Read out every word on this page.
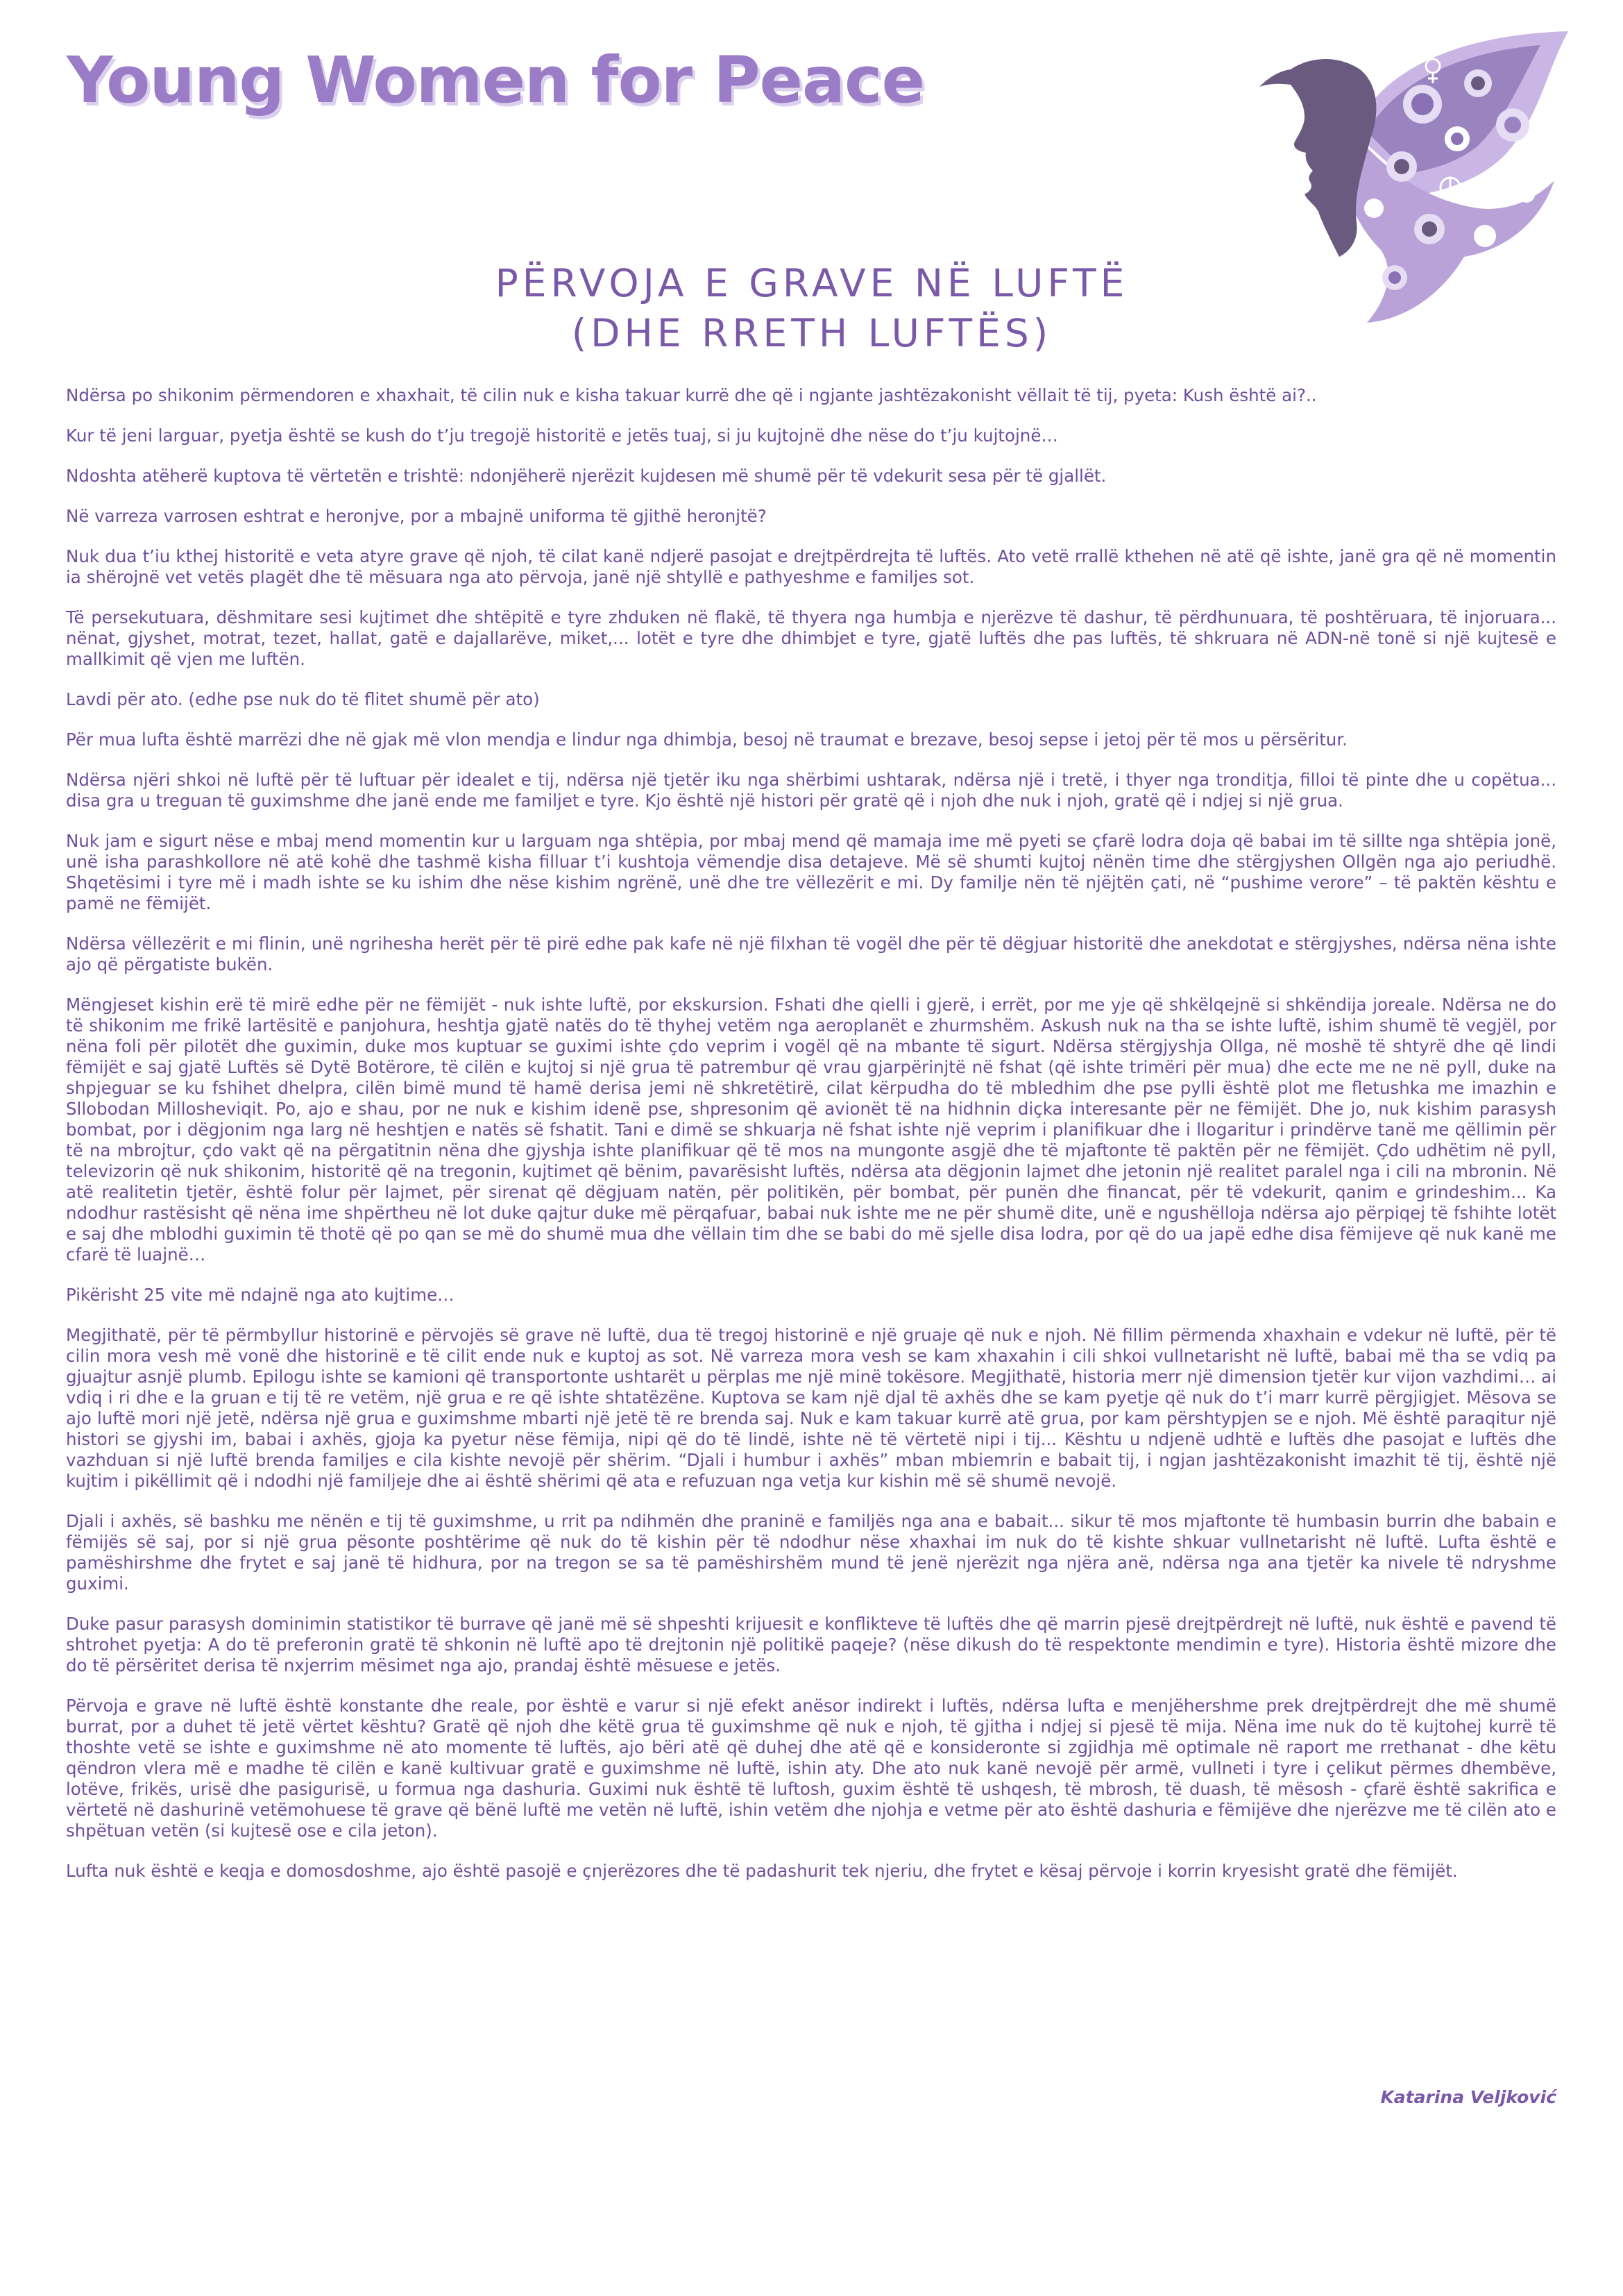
Young Women for Peace
PËRVOJA E GRAVE NË LUFTË
(DHE RRETH LUFTËS)

Ndërsa po shikonim përmendoren e xhaxhait, të cilin nuk e kisha takuar kurrë dhe që i ngjante jashtëzakonisht vëllait të tij, pyeta: Kush është ai?..

Kur të jeni larguar, pyetja është se kush do t’ju tregojë historitë e jetës tuaj, si ju kujtojnë dhe nëse do t’ju kujtojnë…

Ndoshta atëherë kuptova të vërtetën e trishtë: ndonjëherë njerëzit kujdesen më shumë për të vdekurit sesa për të gjallët.

Në varreza varrosen eshtrat e heronjve, por a mbajnë uniforma të gjithë heronjtë?

Nuk dua t’iu kthej historitë e veta atyre grave që njoh, të cilat kanë ndjerë pasojat e drejtpërdrejta të luftës. Ato vetë rrallë kthehen në atë që ishte, janë gra që në momentin ia shërojnë vet vetës plagët dhe të mësuara nga ato përvoja, janë një shtyllë e pathyeshme e familjes sot.

Të persekutuara, dëshmitare sesi kujtimet dhe shtëpitë e tyre zhduken në flakë, të thyera nga humbja e njerëzve të dashur, të përdhunuara, të poshtëruara, të injoruara... nënat, gjyshet, motrat, tezet, hallat, gatë e dajallarëve, miket,... lotët e tyre dhe dhimbjet e tyre, gjatë luftës dhe pas luftës, të shkruara në ADN-në tonë si një kujtesë e mallkimit që vjen me luftën.

Lavdi për ato. (edhe pse nuk do të flitet shumë për ato)

Për mua lufta është marrëzi dhe në gjak më vlon mendja e lindur nga dhimbja, besoj në traumat e brezave, besoj sepse i jetoj për të mos u përsëritur.

Ndërsa njëri shkoi në luftë për të luftuar për idealet e tij, ndërsa një tjetër iku nga shërbimi ushtarak, ndërsa një i tretë, i thyer nga tronditja, filloi të pinte dhe u copëtua... disa gra u treguan të guximshme dhe janë ende me familjet e tyre. Kjo është një histori për gratë që i njoh dhe nuk i njoh, gratë që i ndjej si një grua.

Nuk jam e sigurt nëse e mbaj mend momentin kur u larguam nga shtëpia, por mbaj mend që mamaja ime më pyeti se çfarë lodra doja që babai im të sillte nga shtëpia jonë, unë isha parashkollore në atë kohë dhe tashmë kisha filluar t’i kushtoja vëmendje disa detajeve. Më së shumti kujtoj nënën time dhe stërgjyshen Ollgën nga ajo periudhë. Shqetësimi i tyre më i madh ishte se ku ishim dhe nëse kishim ngrënë, unë dhe tre vëllezërit e mi. Dy familje nën të njëjtën çati, në “pushime verore” – të paktën kështu e pamë ne fëmijët.

Ndërsa vëllezërit e mi flinin, unë ngrihesha herët për të pirë edhe pak kafe në një filxhan të vogël dhe për të dëgjuar historitë dhe anekdotat e stërgjyshes, ndërsa nëna ishte ajo që përgatiste bukën.

Mëngjeset kishin erë të mirë edhe për ne fëmijët - nuk ishte luftë, por ekskursion. Fshati dhe qielli i gjerë, i errët, por me yje që shkëlqejnë si shkëndija joreale. Ndërsa ne do të shikonim me frikë lartësitë e panjohura, heshtja gjatë natës do të thyhej vetëm nga aeroplanët e zhurmshëm. Askush nuk na tha se ishte luftë, ishim shumë të vegjël, por nëna foli për pilotët dhe guximin, duke mos kuptuar se guximi ishte çdo veprim i vogël që na mbante të sigurt. Ndërsa stërgjyshja Ollga, në moshë të shtyrë dhe që lindi fëmijët e saj gjatë Luftës së Dytë Botërore, të cilën e kujtoj si një grua të patrembur që vrau gjarpërinjtë në fshat (që ishte trimëri për mua) dhe ecte me ne në pyll, duke na shpjeguar se ku fshihet dhelpra, cilën bimë mund të hamë derisa jemi në shkretëtirë, cilat kërpudha do të mbledhim dhe pse pylli është plot me fletushka me imazhin e Sllobodan Millosheviqit. Po, ajo e shau, por ne nuk e kishim idenë pse, shpresonim që avionët të na hidhnin diçka interesante për ne fëmijët. Dhe jo, nuk kishim parasysh bombat, por i dëgjonim nga larg në heshtjen e natës së fshatit. Tani e dimë se shkuarja në fshat ishte një veprim i planifikuar dhe i llogaritur i prindërve tanë me qëllimin për të na mbrojtur, çdo vakt që na përgatitnin nëna dhe gjyshja ishte planifikuar që të mos na mungonte asgjë dhe të mjaftonte të paktën për ne fëmijët. Çdo udhëtim në pyll, televizorin që nuk shikonim, historitë që na tregonin, kujtimet që bënim, pavarësisht luftës, ndërsa ata dëgjonin lajmet dhe jetonin një realitet paralel nga i cili na mbronin. Në atë realitetin tjetër, është folur për lajmet, për sirenat që dëgjuam natën, për politikën, për bombat, për punën dhe financat, për të vdekurit, qanim e grindeshim... Ka ndodhur rastësisht që nëna ime shpërtheu në lot duke qajtur duke më përqafuar, babai nuk ishte me ne për shumë dite, unë e ngushëlloja ndërsa ajo përpiqej të fshihte lotët e saj dhe mblodhi guximin të thotë që po qan se më do shumë mua dhe vëllain tim dhe se babi do më sjelle disa lodra, por që do ua japë edhe disa fëmijeve që nuk kanë me cfarë të luajnë…

Pikërisht 25 vite më ndajnë nga ato kujtime…

Megjithatë, për të përmbyllur historinë e përvojës së grave në luftë, dua të tregoj historinë e një gruaje që nuk e njoh. Në fillim përmenda xhaxhain e vdekur në luftë, për të cilin mora vesh më vonë dhe historinë e të cilit ende nuk e kuptoj as sot. Në varreza mora vesh se kam xhaxahin i cili shkoi vullnetarisht në luftë, babai më tha se vdiq pa gjuajtur asnjë plumb. Epilogu ishte se kamioni që transportonte ushtarët u përplas me një minë tokësore. Megjithatë, historia merr një dimension tjetër kur vijon vazhdimi… ai vdiq i ri dhe e la gruan e tij të re vetëm, një grua e re që ishte shtatëzëne. Kuptova se kam një djal të axhës dhe se kam pyetje që nuk do t’i marr kurrë përgjigjet. Mësova se ajo luftë mori një jetë, ndërsa një grua e guximshme mbarti një jetë të re brenda saj. Nuk e kam takuar kurrë atë grua, por kam përshtypjen se e njoh. Më është paraqitur një histori se gjyshi im, babai i axhës, gjoja ka pyetur nëse fëmija, nipi që do të lindë, ishte në të vërtetë nipi i tij... Kështu u ndjenë udhtë e luftës dhe pasojat e luftës dhe vazhduan si një luftë brenda familjes e cila kishte nevojë për shërim. “Djali i humbur i axhës” mban mbiemrin e babait tij, i ngjan jashtëzakonisht imazhit të tij, është një kujtim i pikëllimit që i ndodhi një familjeje dhe ai është shërimi që ata e refuzuan nga vetja kur kishin më së shumë nevojë.

Djali i axhës, së bashku me nënën e tij të guximshme, u rrit pa ndihmën dhe praninë e familjës nga ana e babait... sikur të mos mjaftonte të humbasin burrin dhe babain e fëmijës së saj, por si një grua pësonte poshtërime që nuk do të kishin për të ndodhur nëse xhaxhai im nuk do të kishte shkuar vullnetarisht në luftë. Lufta është e pamëshirshme dhe frytet e saj janë të hidhura, por na tregon se sa të pamëshirshëm mund të jenë njerëzit nga njëra anë, ndërsa nga ana tjetër ka nivele të ndryshme guximi.

Duke pasur parasysh dominimin statistikor të burrave që janë më së shpeshti krijuesit e konflikteve të luftës dhe që marrin pjesë drejtpërdrejt në luftë, nuk është e pavend të shtrohet pyetja: A do të preferonin gratë të shkonin në luftë apo të drejtonin një politikë paqeje? (nëse dikush do të respektonte mendimin e tyre). Historia është mizore dhe do të përsëritet derisa të nxjerrim mësimet nga ajo, prandaj është mësuese e jetës.

Përvoja e grave në luftë është konstante dhe reale, por është e varur si një efekt anësor indirekt i luftës, ndërsa lufta e menjëhershme prek drejtpërdrejt dhe më shumë burrat, por a duhet të jetë vërtet kështu? Gratë që njoh dhe këtë grua të guximshme që nuk e njoh, të gjitha i ndjej si pjesë të mija. Nëna ime nuk do të kujtohej kurrë të thoshte vetë se ishte e guximshme në ato momente të luftës, ajo bëri atë që duhej dhe atë që e konsideronte si zgjidhja më optimale në raport me rrethanat - dhe këtu qëndron vlera më e madhe të cilën e kanë kultivuar gratë e guximshme në luftë, ishin aty. Dhe ato nuk kanë nevojë për armë, vullneti i tyre i çelikut përmes dhembëve, lotëve, frikës, urisë dhe pasigurisë, u formua nga dashuria. Guximi nuk është të luftosh, guxim është të ushqesh, të mbrosh, të duash, të mësosh - çfarë është sakrifica e vërtetë në dashurinë vetëmohuese të grave që bënë luftë me vetën në luftë, ishin vetëm dhe njohja e vetme për ato është dashuria e fëmijëve dhe njerëzve me të cilën ato e shpëtuan vetën (si kujtesë ose e cila jeton).

Lufta nuk është e keqja e domosdoshme, ajo është pasojë e çnjerëzores dhe të padashurit tek njeriu, dhe frytet e kësaj përvoje i korrin kryesisht gratë dhe fëmijët.

Katarina Veljković
